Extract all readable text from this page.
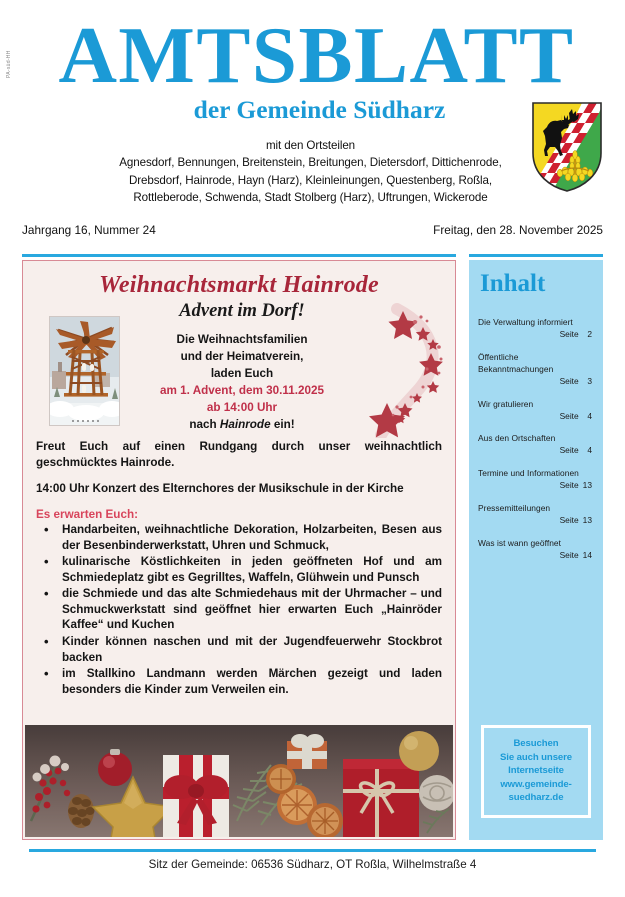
PA-süd-HH AMTSBLATT
der Gemeinde Südharz
mit den Ortsteilen
Agnesdorf, Bennungen, Breitenstein, Breitungen, Dietersdorf, Dittichenrode,
Drebsdorf, Hainrode, Hayn (Harz), Kleinleinungen, Questenberg, Roßla,
Rottleberode, Schwenda, Stadt Stolberg (Harz), Uftrungen, Wickerode
Jahrgang 16, Nummer 24	Freitag, den 28. November 2025
Weihnachtsmarkt Hainrode
Advent im Dorf!
Die Weihnachtsfamilien
und der Heimatverein,
laden Euch
am 1. Advent, dem 30.11.2025
ab 14:00 Uhr
nach Hainrode ein!
Freut Euch auf einen Rundgang durch unser weihnachtlich geschmücktes Hainrode.
14:00 Uhr Konzert des Elternchores der Musikschule in der Kirche
Es erwarten Euch:
• Handarbeiten, weihnachtliche Dekoration, Holzarbeiten, Besen aus der Besenbinderwerkstatt, Uhren und Schmuck,
• kulinarische Köstlichkeiten in jeden geöffneten Hof und am Schmiedeplatz gibt es Gegrilltes, Waffeln, Glühwein und Punsch
• die Schmiede und das alte Schmiedehaus mit der Uhrmacher – und Schmuckwerkstatt sind geöffnet hier erwarten Euch „Hainröder Kaffee“ und Kuchen
• Kinder können naschen und mit der Jugendfeuerwehr Stockbrot backen
• im Stallkino Landmann werden Märchen gezeigt und laden besonders die Kinder zum Verweilen ein.
Inhalt
Die Verwaltung informiert
Seite 2
Öffentliche Bekanntmachungen
Seite 3
Wir gratulieren
Seite 4
Aus den Ortschaften
Seite 4
Termine und Informationen
Seite 13
Pressemitteilungen
Seite 13
Was ist wann geöffnet
Seite 14
Besuchen
Sie auch unsere
Internetseite
www.gemeinde-
suedharz.de
Sitz der Gemeinde: 06536 Südharz, OT Roßla, Wilhelmstraße 4
